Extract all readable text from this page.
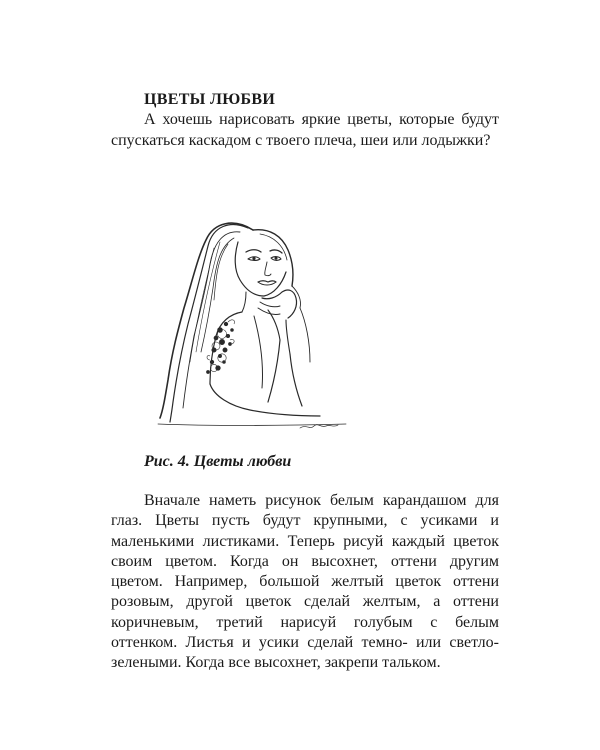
ЦВЕТЫ ЛЮБВИ

А хочешь нарисовать яркие цветы, которые будут спускаться каскадом с твоего плеча, шеи или лодыжки?

Рис. 4. Цветы любви

Вначале наметь рисунок белым карандашом для глаз. Цветы пусть будут крупными, с усиками и маленькими листиками. Теперь рисуй каждый цветок своим цветом. Когда он высохнет, оттени другим цветом. Например, большой желтый цветок оттени розовым, другой цветок сделай желтым, а оттени коричневым, третий нарисуй голубым с белым оттенком. Листья и усики сделай темно- или светло-зелеными. Когда все высохнет, закрепи тальком.
